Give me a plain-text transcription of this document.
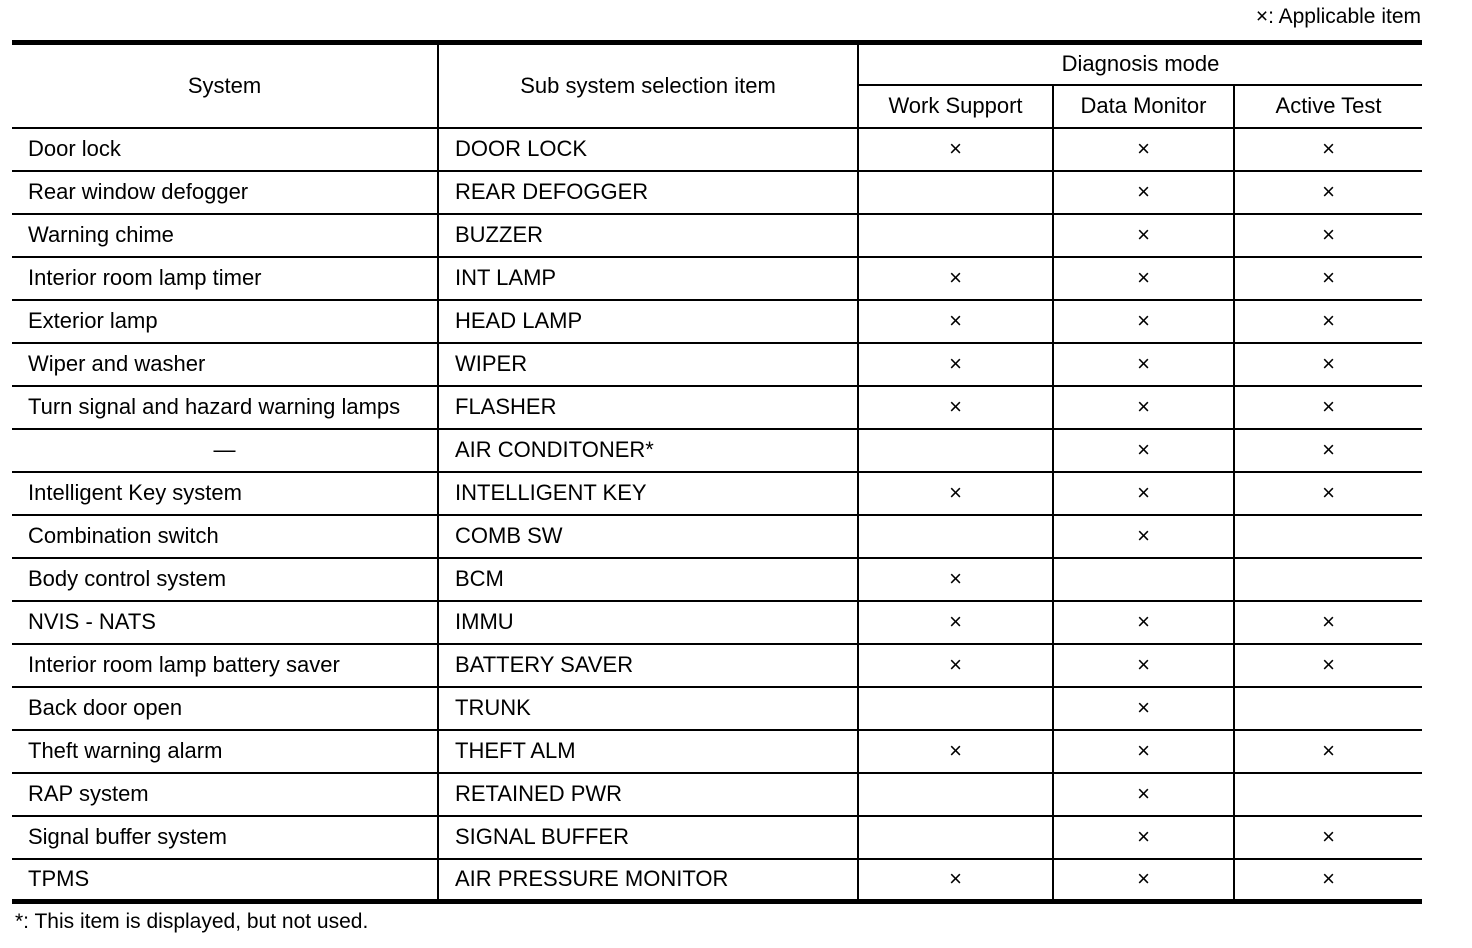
×: Applicable item
System	Sub system selection item	Diagnosis mode		
		Work Support	Data Monitor	Active Test
Door lock	DOOR LOCK	×	×	×
Rear window defogger	REAR DEFOGGER		×	×
Warning chime	BUZZER		×	×
Interior room lamp timer	INT LAMP	×	×	×
Exterior lamp	HEAD LAMP	×	×	×
Wiper and washer	WIPER	×	×	×
Turn signal and hazard warning lamps	FLASHER	×	×	×
—	AIR CONDITONER*		×	×
Intelligent Key system	INTELLIGENT KEY	×	×	×
Combination switch	COMB SW		×	
Body control system	BCM	×		
NVIS - NATS	IMMU	×	×	×
Interior room lamp battery saver	BATTERY SAVER	×	×	×
Back door open	TRUNK		×	
Theft warning alarm	THEFT ALM	×	×	×
RAP system	RETAINED PWR		×	
Signal buffer system	SIGNAL BUFFER		×	×
TPMS	AIR PRESSURE MONITOR	×	×	×
*: This item is displayed, but not used.
